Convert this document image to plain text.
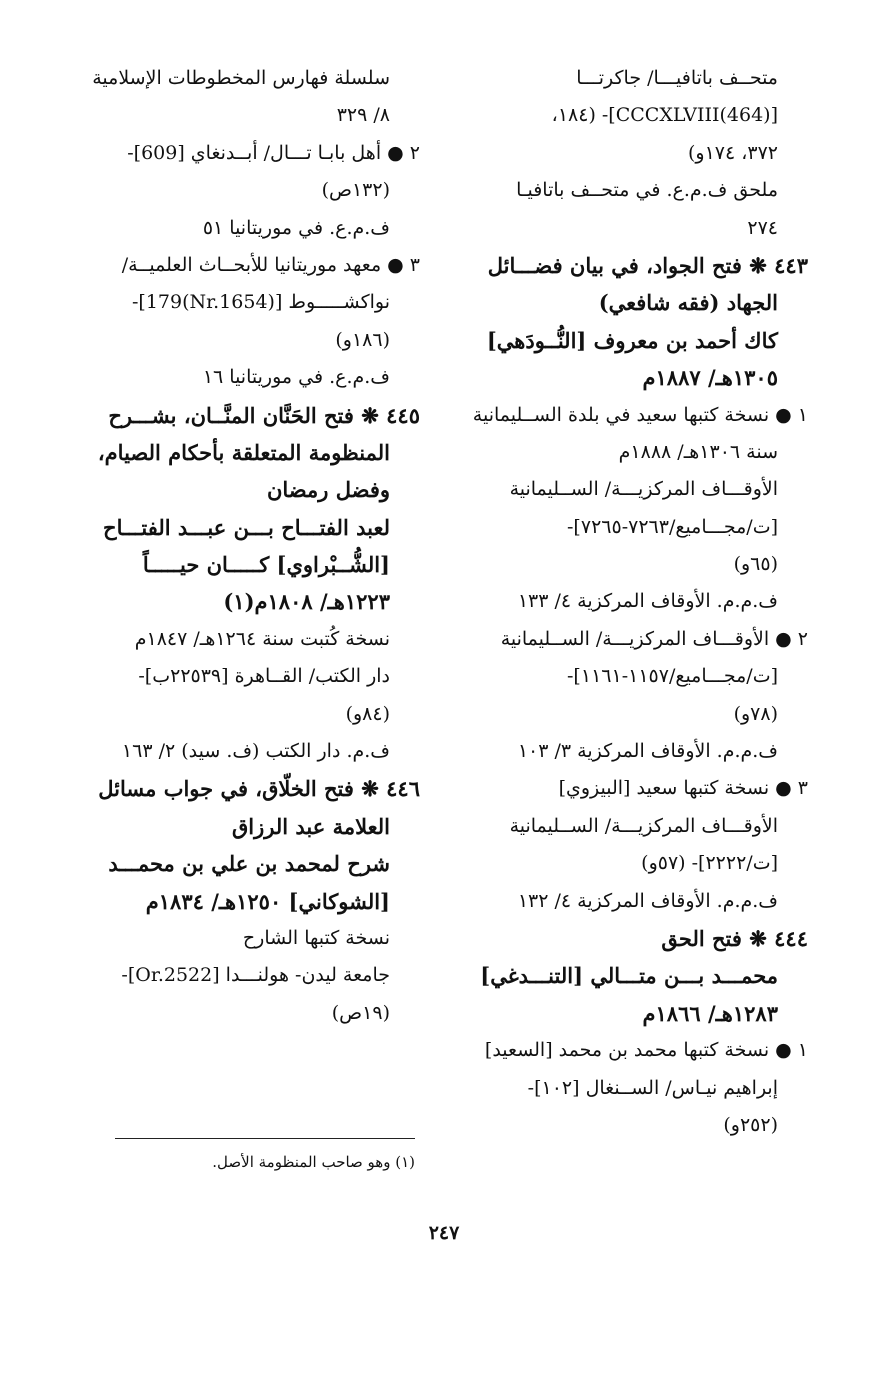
متحــف باتافيـــا/ جاكرتـــا
[CCCXLVIII(464)]- (١٨٤،
٣٧٢، ١٧٤و)
ملحق ف.م.ع. في متحــف باتافيـا
٢٧٤
٤٤٣ ❋ فتح الجواد، في بيان فضـــائل
الجهاد (فقه شافعي)
كاك أحمد بن معروف [النُّــودَهي]
١٣٠٥هـ/ ١٨٨٧م
١ ● نسخة كتبها سعيد في بلدة الســليمانية
سنة ١٣٠٦هـ/ ١٨٨٨م
الأوقـــاف المركزيـــة/ الســليمانية
[ت/مجـــاميع/٧٢٦٣-٧٢٦٥]-
(٦٥و)
ف.م.م. الأوقاف المركزية ٤/ ١٣٣
٢ ● الأوقـــاف المركزيـــة/ الســليمانية
[ت/مجـــاميع/١١٥٧-١١٦١]-
(٧٨و)
ف.م.م. الأوقاف المركزية ٣/ ١٠٣
٣ ● نسخة كتبها سعيد [البيزوي]
الأوقـــاف المركزيـــة/ الســليمانية
[ت/٢٢٢٢]- (٥٧و)
ف.م.م. الأوقاف المركزية ٤/ ١٣٢
٤٤٤ ❋ فتح الحق
محمـــد بـــن متـــالي [التنـــدغي]
١٢٨٣هـ/ ١٨٦٦م
١ ● نسخة كتبها محمد بن محمد [السعيد]
إبراهيم نيـاس/ الســنغال [١٠٢]-
(٢٥٢و)
سلسلة فهارس المخطوطات الإسلامية
٨/ ٣٢٩
٢ ● أهل بابـا تـــال/ أبــدنغاي [609]-
(١٣٢ص)
ف.م.ع. في موريتانيا ٥١
٣ ● معهد موريتانيا للأبحــاث العلميــة/
نواكشـــــوط [(Nr.1654)179]-
(١٨٦و)
ف.م.ع. في موريتانيا ١٦
٤٤٥ ❋ فتح الحَنَّان المنَّــان، بشـــرح
المنظومة المتعلقة بأحكام الصيام،
وفضل رمضان
لعبد الفتـــاح بـــن عبـــد الفتـــاح
[الشُّــبْراوي] كـــــان حيـــــاً
١٢٢٣هـ/ ١٨٠٨م(١)
نسخة كُتبت سنة ١٢٦٤هـ/ ١٨٤٧م
دار الكتب/ القــاهرة [٢٢٥٣٩ب]-
(٨٤و)
ف.م. دار الكتب (ف. سيد) ٢/ ١٦٣
٤٤٦ ❋ فتح الخلّاق، في جواب مسائل
العلامة عبد الرزاق
شرح لمحمد بن علي بن محمـــد
[الشوكاني] ١٢٥٠هـ/ ١٨٣٤م
نسخة كتبها الشارح
جامعة ليدن- هولنـــدا [Or.2522]-
(١٩ص)
(١) وهو صاحب المنظومة الأصل.
٢٤٧
